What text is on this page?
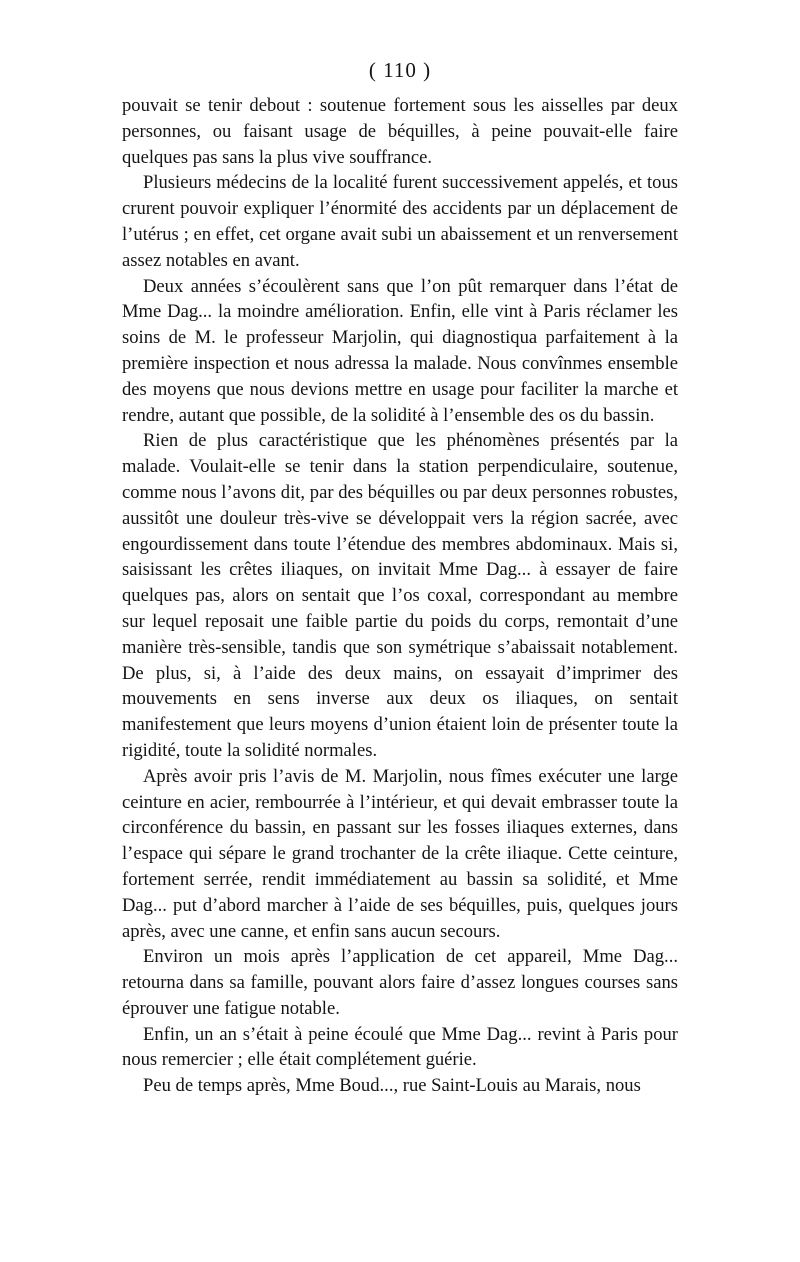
( 110 )

pouvait se tenir debout : soutenue fortement sous les aisselles par deux personnes, ou faisant usage de béquilles, à peine pouvait-elle faire quelques pas sans la plus vive souffrance.

Plusieurs médecins de la localité furent successivement appelés, et tous crurent pouvoir expliquer l’énormité des accidents par un déplacement de l’utérus ; en effet, cet organe avait subi un abaissement et un renversement assez notables en avant.

Deux années s’écoulèrent sans que l’on pût remarquer dans l’état de Mme Dag... la moindre amélioration. Enfin, elle vint à Paris réclamer les soins de M. le professeur Marjolin, qui diagnostiqua parfaitement à la première inspection et nous adressa la malade. Nous convînmes ensemble des moyens que nous devions mettre en usage pour faciliter la marche et rendre, autant que possible, de la solidité à l’ensemble des os du bassin.

Rien de plus caractéristique que les phénomènes présentés par la malade. Voulait-elle se tenir dans la station perpendiculaire, soutenue, comme nous l’avons dit, par des béquilles ou par deux personnes robustes, aussitôt une douleur très-vive se développait vers la région sacrée, avec engourdissement dans toute l’étendue des membres abdominaux. Mais si, saisissant les crêtes iliaques, on invitait Mme Dag... à essayer de faire quelques pas, alors on sentait que l’os coxal, correspondant au membre sur lequel reposait une faible partie du poids du corps, remontait d’une manière très-sensible, tandis que son symétrique s’abaissait notablement. De plus, si, à l’aide des deux mains, on essayait d’imprimer des mouvements en sens inverse aux deux os iliaques, on sentait manifestement que leurs moyens d’union étaient loin de présenter toute la rigidité, toute la solidité normales.

Après avoir pris l’avis de M. Marjolin, nous fîmes exécuter une large ceinture en acier, rembourrée à l’intérieur, et qui devait embrasser toute la circonférence du bassin, en passant sur les fosses iliaques externes, dans l’espace qui sépare le grand trochanter de la crête iliaque. Cette ceinture, fortement serrée, rendit immédiatement au bassin sa solidité, et Mme Dag... put d’abord marcher à l’aide de ses béquilles, puis, quelques jours après, avec une canne, et enfin sans aucun secours.

Environ un mois après l’application de cet appareil, Mme Dag... retourna dans sa famille, pouvant alors faire d’assez longues courses sans éprouver une fatigue notable.

Enfin, un an s’était à peine écoulé que Mme Dag... revint à Paris pour nous remercier ; elle était complétement guérie.

Peu de temps après, Mme Boud..., rue Saint-Louis au Marais, nous
